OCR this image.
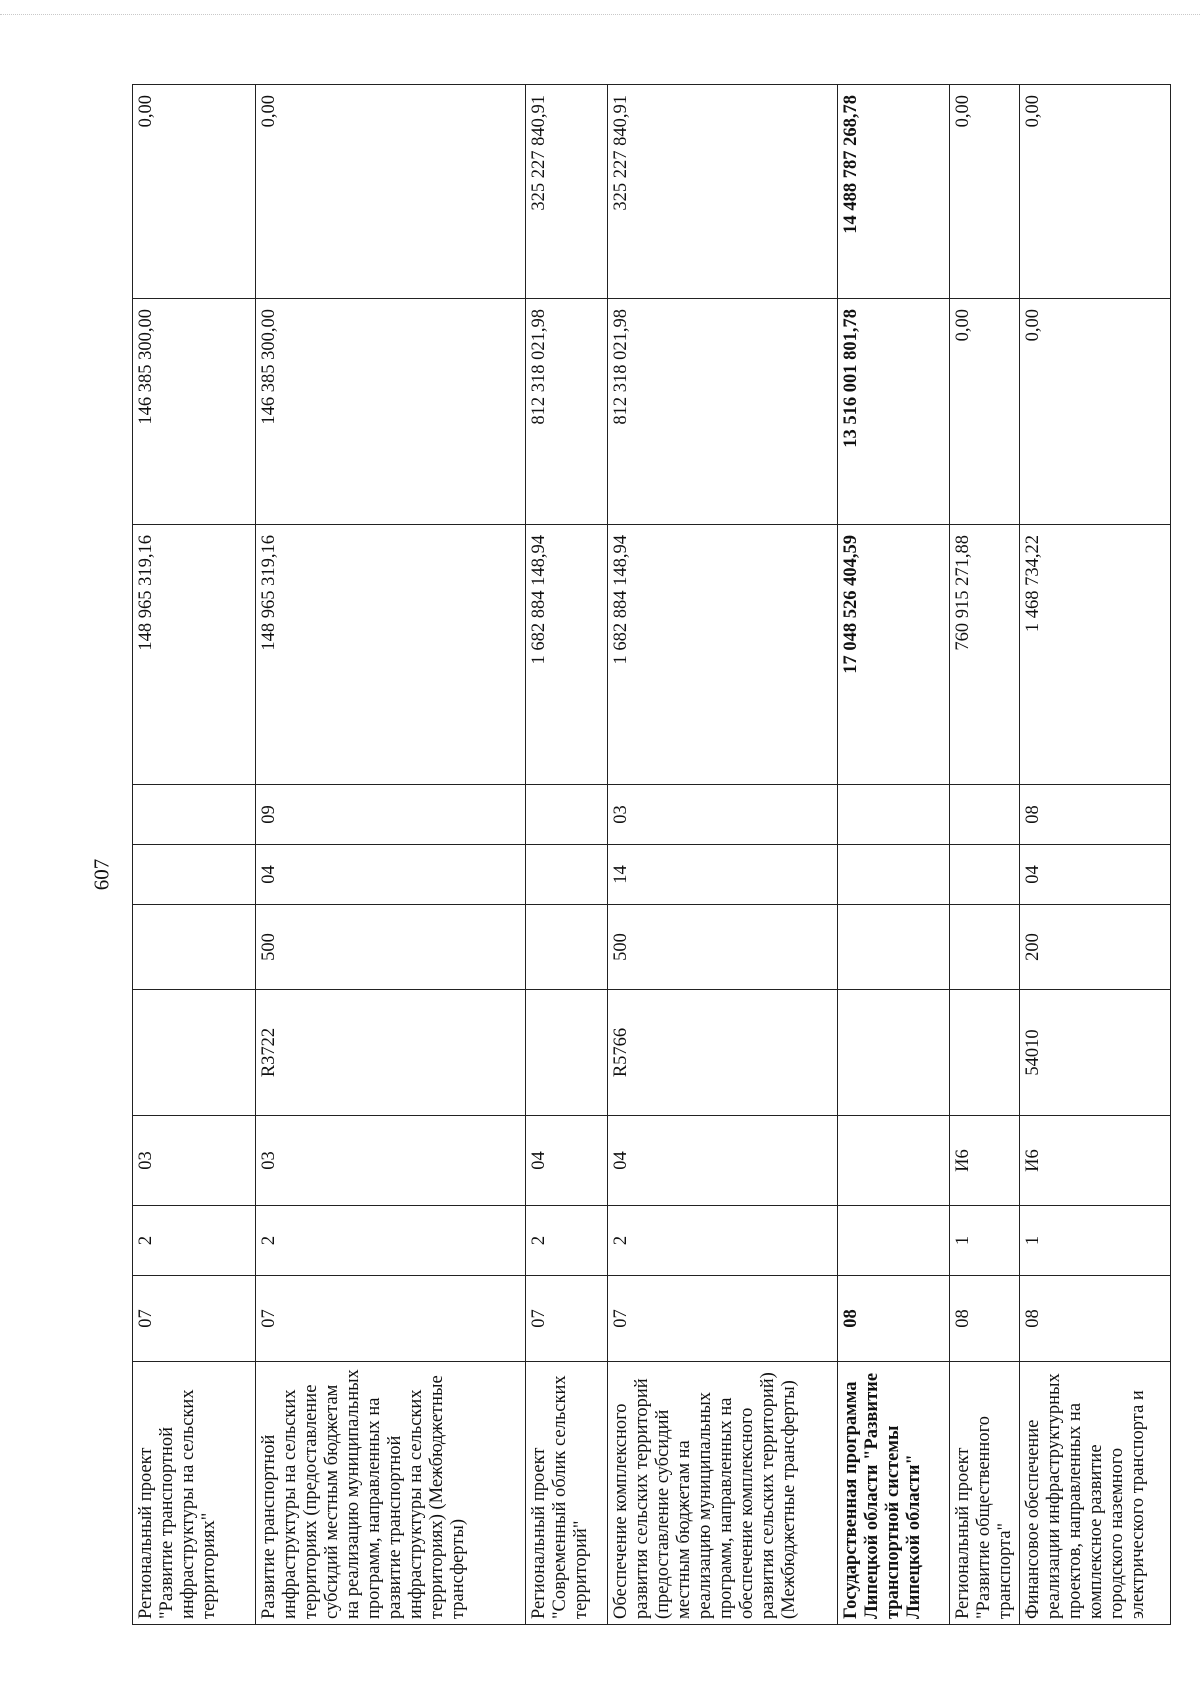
607
Региональный проект "Развитие транспортной инфраструктуры на сельских территориях"	07	2	03					148 965 319,16	146 385 300,00	0,00
Развитие транспортной инфраструктуры на сельских территориях (предоставление субсидий местным бюджетам на реализацию муниципальных программ, направленных на развитие транспортной инфраструктуры на сельских территориях) (Межбюджетные трансферты)	07	2	03	R3722	500	04	09	148 965 319,16	146 385 300,00	0,00
Региональный проект "Современный облик сельских территорий"	07	2	04					1 682 884 148,94	812 318 021,98	325 227 840,91
Обеспечение комплексного развития сельских территорий (предоставление субсидий местным бюджетам на реализацию муниципальных программ, направленных на обеспечение комплексного развития сельских территорий) (Межбюджетные трансферты)	07	2	04	R5766	500	14	03	1 682 884 148,94	812 318 021,98	325 227 840,91
Государственная программа Липецкой области "Развитие транспортной системы Липецкой области"	08							17 048 526 404,59	13 516 001 801,78	14 488 787 268,78
Региональный проект "Развитие общественного транспорта"	08	1	И6					760 915 271,88	0,00	0,00
Финансовое обеспечение реализации инфраструктурных проектов, направленных на комплексное развитие городского наземного электрического транспорта и	08	1	И6	54010	200	04	08	1 468 734,22	0,00	0,00
